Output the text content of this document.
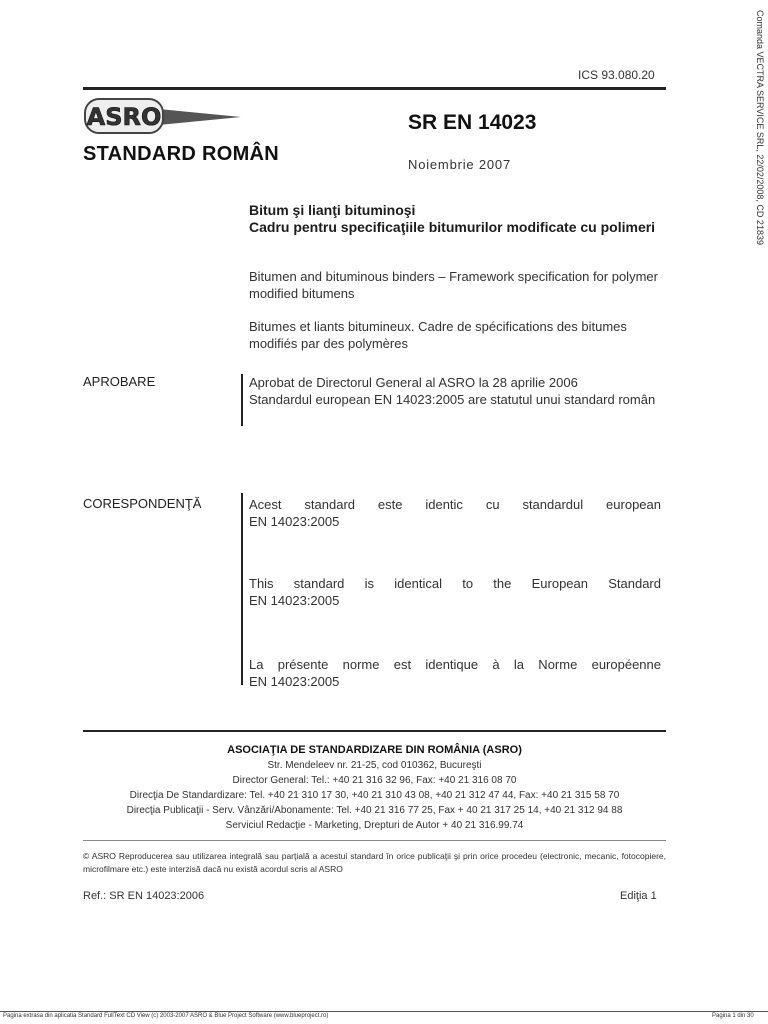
Comanda VECTRA SERVICE SRL, 22/02/2008, CD 21839
ICS 93.080.20
ASRO
STANDARD ROMÂN
SR EN 14023
Noiembrie 2007
Bitum şi lianţi bituminoşi
Cadru pentru specificaţiile bitumurilor modificate cu polimeri
Bitumen and bituminous binders – Framework specification for polymer modified bitumens
Bitumes et liants bitumineux. Cadre de spécifications des bitumes modifiés par des polymères
APROBARE	Aprobat de Directorul General al ASRO la 28 aprilie 2006
Standardul european EN 14023:2005 are statutul unui standard român
CORESPONDENŢĂ	Acest standard este identic cu standardul european
EN 14023:2005
This standard is identical to the European Standard
EN 14023:2005
La présente norme est identique à la Norme européenne
EN 14023:2005
ASOCIAŢIA DE STANDARDIZARE DIN ROMÂNIA (ASRO)
Str. Mendeleev nr. 21-25, cod 010362, Bucureşti
Director General: Tel.: +40 21 316 32 96, Fax: +40 21 316 08 70
Direcţia De Standardizare: Tel. +40 21 310 17 30, +40 21 310 43 08, +40 21 312 47 44, Fax: +40 21 315 58 70
Direcţia Publicaţii - Serv. Vânzări/Abonamente: Tel. +40 21 316 77 25, Fax + 40 21 317 25 14, +40 21 312 94 88
Serviciul Redacţie - Marketing, Drepturi de Autor + 40 21 316.99.74
© ASRO Reproducerea sau utilizarea integrală sau parţială a acestui standard în orice publicaţii şi prin orice procedeu (electronic, mecanic, fotocopiere, microfilmare etc.) este interzisă dacă nu există acordul scris al ASRO
Ref.: SR EN 14023:2006	Ediţia 1
Pagina extrasa din aplicatia Standard FullText CD View (c) 2003-2007 ASRO & Blue Project Software (www.blueproject.ro)	Pagina 1 din 30
